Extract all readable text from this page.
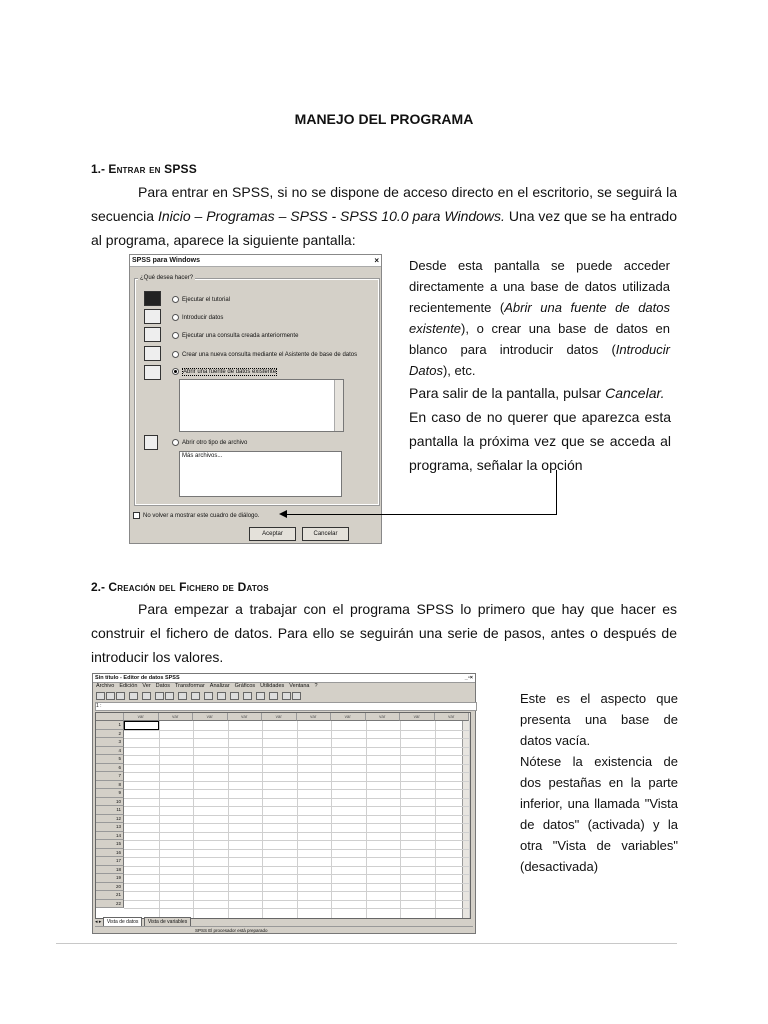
MANEJO DEL PROGRAMA
1.- Entrar en SPSS

Para entrar en SPSS, si no se dispone de acceso directo en el escritorio, se seguirá la secuencia Inicio – Programas – SPSS - SPSS 10.0 para Windows. Una vez que se ha entrado al programa, aparece la siguiente pantalla:

SPSS para Windows	×
¿Qué desea hacer?
Ejecutar el tutorial
Introducir datos
Ejecutar una consulta creada anteriormente
Crear una nueva consulta mediante el Asistente de base de datos
Abrir una fuente de datos existente
Abrir otro tipo de archivo
Más archivos...
No volver a mostrar este cuadro de diálogo.
Aceptar	Cancelar
Desde esta pantalla se puede acceder directamente a una base de datos utilizada recientemente (Abrir una fuente de datos existente), o crear una base de datos en blanco para introducir datos (Introducir Datos), etc.
Para salir de la pantalla, pulsar Cancelar.
En caso de no querer que aparezca esta pantalla la próxima vez que se acceda al programa, señalar la opción
2.- Creación del Fichero de Datos

Para empezar a trabajar con el programa SPSS lo primero que hay que hacer es construir el fichero de datos. Para ello se seguirán una serie de pasos, antes o después de introducir los valores.

Sin título - Editor de datos SPSS	_▫×
Archivo Edición Ver Datos Transformar Analizar Gráficos Utilidades Ventana ?
1 :
var	var	var	var	var	var	var	var	var	var
1
2
3
4
5
6
7
8
9
10
11
12
13
14
15
16
17
18
19
20
21
22
◂ ▸ Vista de datos Vista de variables
SPSS El procesador está preparado
Este es el aspecto que presenta una base de datos vacía.
Nótese la existencia de dos pestañas en la parte inferior, una llamada "Vista de datos" (activada) y la otra "Vista de variables" (desactivada)
